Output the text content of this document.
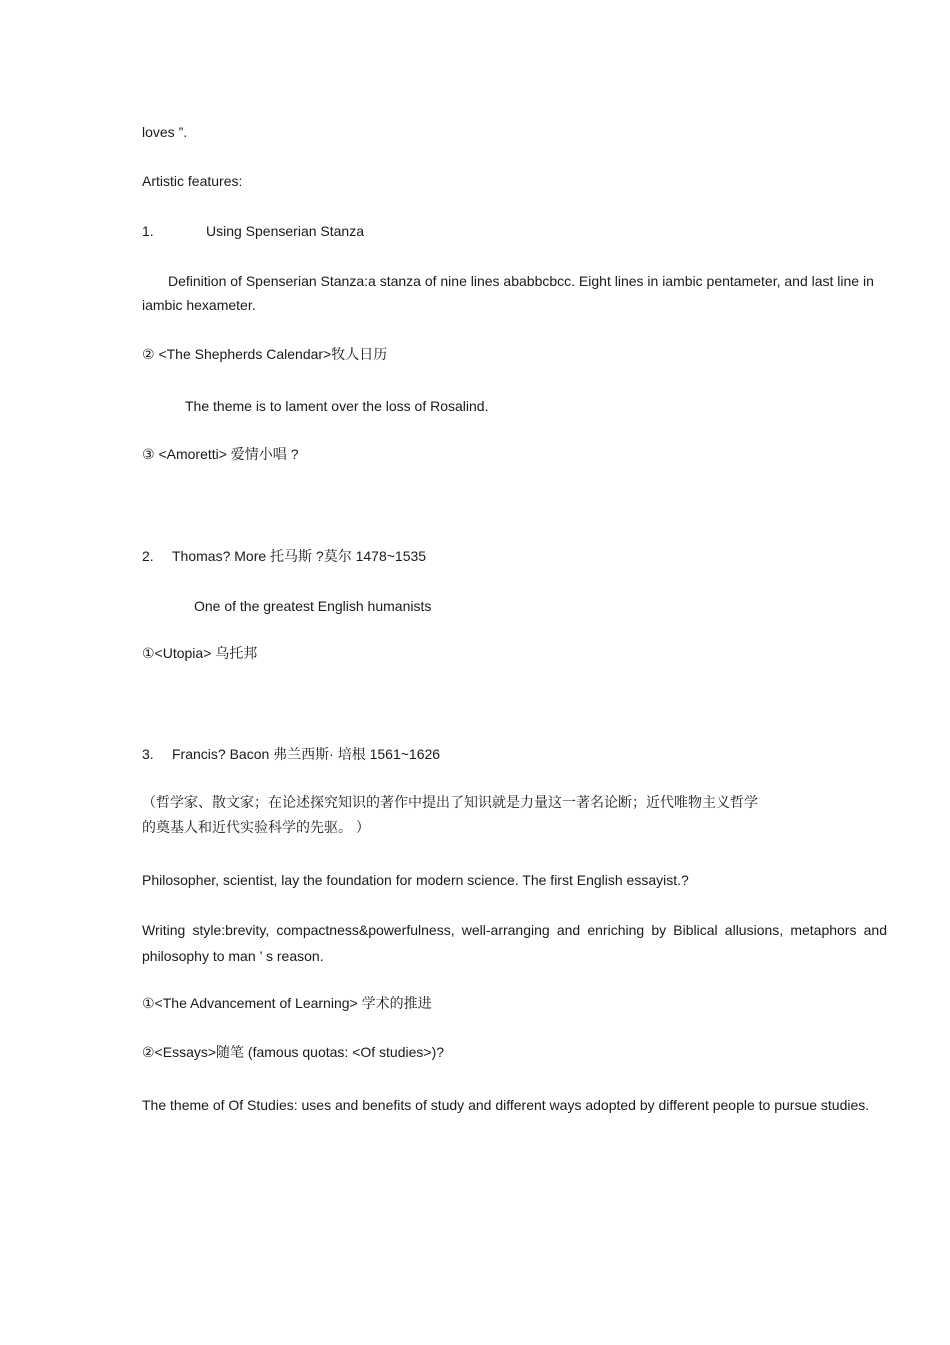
loves ”.
Artistic features:
1.	Using Spenserian Stanza
Definition of Spenserian Stanza:a stanza of nine lines ababbcbcc. Eight lines in iambic pentameter, and last line in iambic hexameter.
② <The Shepherds Calendar>牧人日历
The theme is to lament over the loss of Rosalind.
③ <Amoretti> 爱情小唱 ?
2. Thomas? More 托马斯 ?莫尔 1478~1535
One of the greatest English humanists
①<Utopia> 乌托邦
3. Francis? Bacon 弗兰西斯· 培根 1561~1626
（哲学家、散文家；在论述探究知识的著作中提出了知识就是力量这一著名论断；近代唯物主义哲学
的奠基人和近代实验科学的先驱。 ）
Philosopher, scientist, lay the foundation for modern science. The first English essayist.?
Writing style:brevity, compactness&powerfulness, well-arranging and enriching by Biblical allusions, metaphors and philosophy to man ’ s reason.
①<The Advancement of Learning> 学术的推进
②<Essays>随笔 (famous quotas: <Of studies>)?
The theme of Of Studies: uses and benefits of study and different ways adopted by different people to pursue studies.
